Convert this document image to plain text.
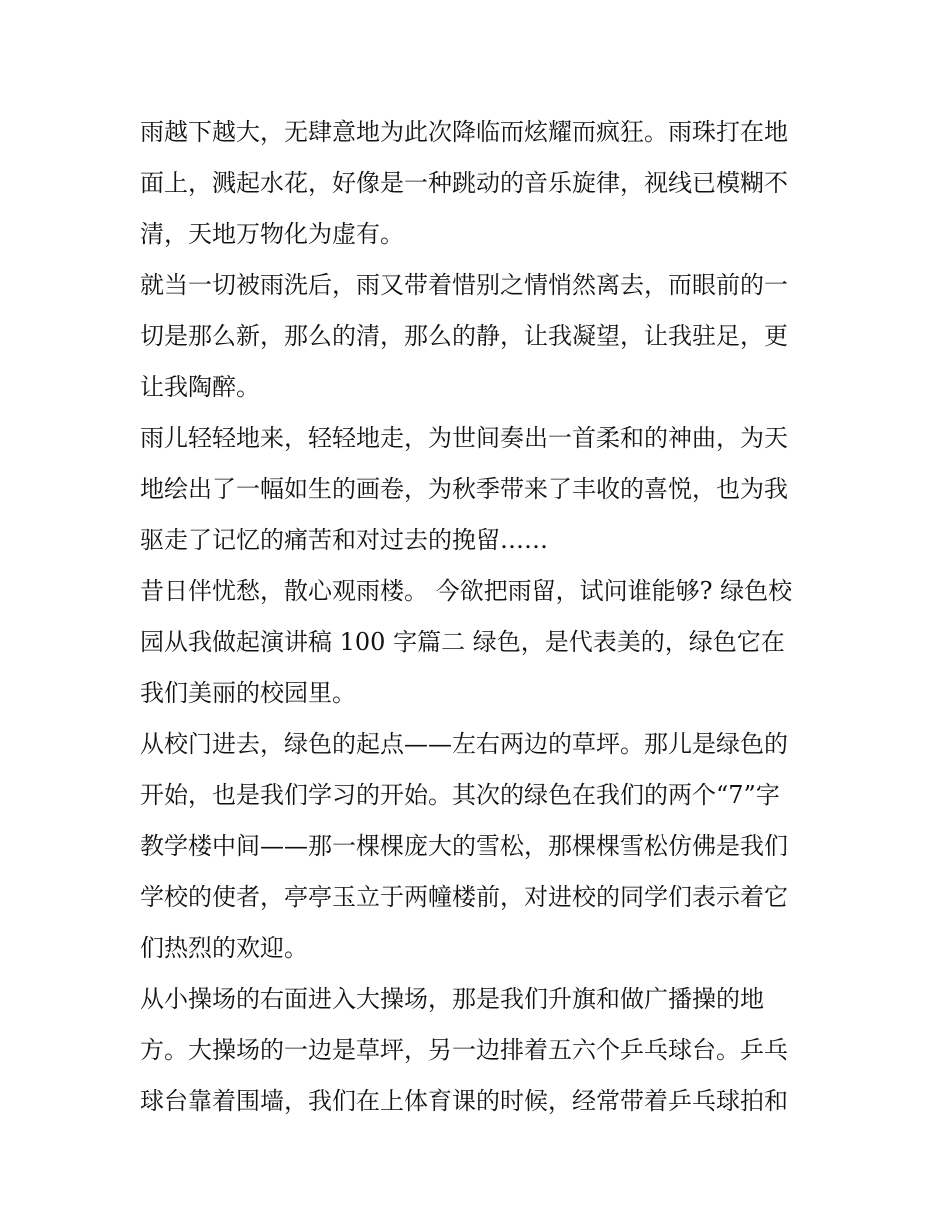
雨越下越大，无肆意地为此次降临而炫耀而疯狂。雨珠打在地
面上，溅起水花，好像是一种跳动的音乐旋律，视线已模糊不
清，天地万物化为虚有。
就当一切被雨洗后，雨又带着惜别之情悄然离去，而眼前的一
切是那么新，那么的清，那么的静，让我凝望，让我驻足，更
让我陶醉。
雨儿轻轻地来，轻轻地走，为世间奏出一首柔和的神曲，为天
地绘出了一幅如生的画卷，为秋季带来了丰收的喜悦，也为我
驱走了记忆的痛苦和对过去的挽留……
昔日伴忧愁，散心观雨楼。 今欲把雨留，试问谁能够? 绿色校
园从我做起演讲稿 100 字篇二 绿色，是代表美的，绿色它在
我们美丽的校园里。
从校门进去，绿色的起点——左右两边的草坪。那儿是绿色的
开始，也是我们学习的开始。其次的绿色在我们的两个“7”字
教学楼中间——那一棵棵庞大的雪松，那棵棵雪松仿佛是我们
学校的使者，亭亭玉立于两幢楼前，对进校的同学们表示着它
们热烈的欢迎。
从小操场的右面进入大操场，那是我们升旗和做广播操的地
方。大操场的一边是草坪，另一边排着五六个乒乓球台。乒乓
球台靠着围墙，我们在上体育课的时候，经常带着乒乓球拍和
